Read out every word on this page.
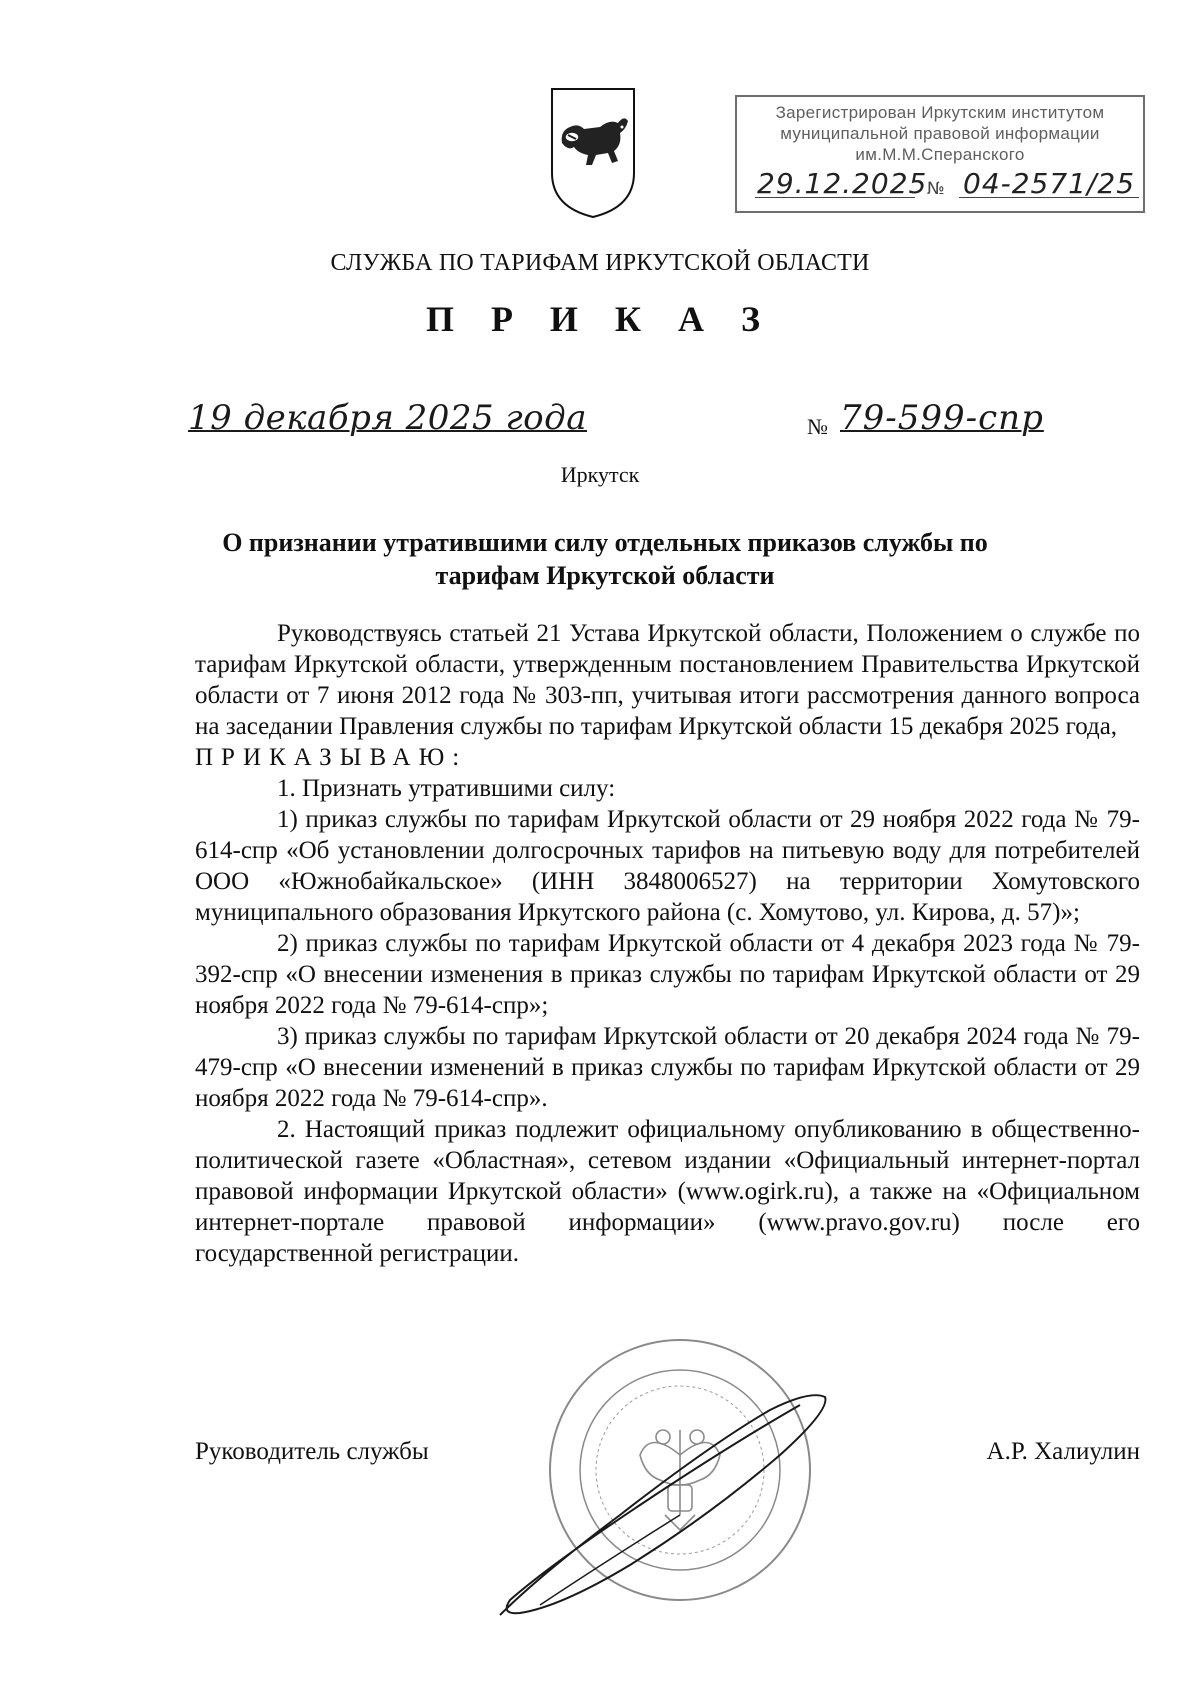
Зарегистрирован Иркутским институтом
муниципальной правовой информации
им.М.М.Сперанского
29.12.2025 № 04-2571/25
СЛУЖБА ПО ТАРИФАМ ИРКУТСКОЙ ОБЛАСТИ
П Р И К А З
19 декабря 2025 года	№ 79-599-спр
Иркутск
О признании утратившими силу отдельных приказов службы по тарифам Иркутской области

Руководствуясь статьей 21 Устава Иркутской области, Положением о службе по тарифам Иркутской области, утвержденным постановлением Правительства Иркутской области от 7 июня 2012 года № 303-пп, учитывая итоги рассмотрения данного вопроса на заседании Правления службы по тарифам Иркутской области 15 декабря 2025 года,

ПРИКАЗЫВАЮ:

1. Признать утратившими силу:

1) приказ службы по тарифам Иркутской области от 29 ноября 2022 года № 79-614-спр «Об установлении долгосрочных тарифов на питьевую воду для потребителей ООО «Южнобайкальское» (ИНН 3848006527) на территории Хомутовского муниципального образования Иркутского района (с. Хомутово, ул. Кирова, д. 57)»;

2) приказ службы по тарифам Иркутской области от 4 декабря 2023 года № 79-392-спр «О внесении изменения в приказ службы по тарифам Иркутской области от 29 ноября 2022 года № 79-614-спр»;

3) приказ службы по тарифам Иркутской области от 20 декабря 2024 года № 79-479-спр «О внесении изменений в приказ службы по тарифам Иркутской области от 29 ноября 2022 года № 79-614-спр».

2. Настоящий приказ подлежит официальному опубликованию в общественно-политической газете «Областная», сетевом издании «Официальный интернет-портал правовой информации Иркутской области» (www.ogirk.ru), а также на «Официальном интернет-портале правовой информации» (www.pravo.gov.ru) после его государственной регистрации.

Руководитель службы	А.Р. Халиулин
